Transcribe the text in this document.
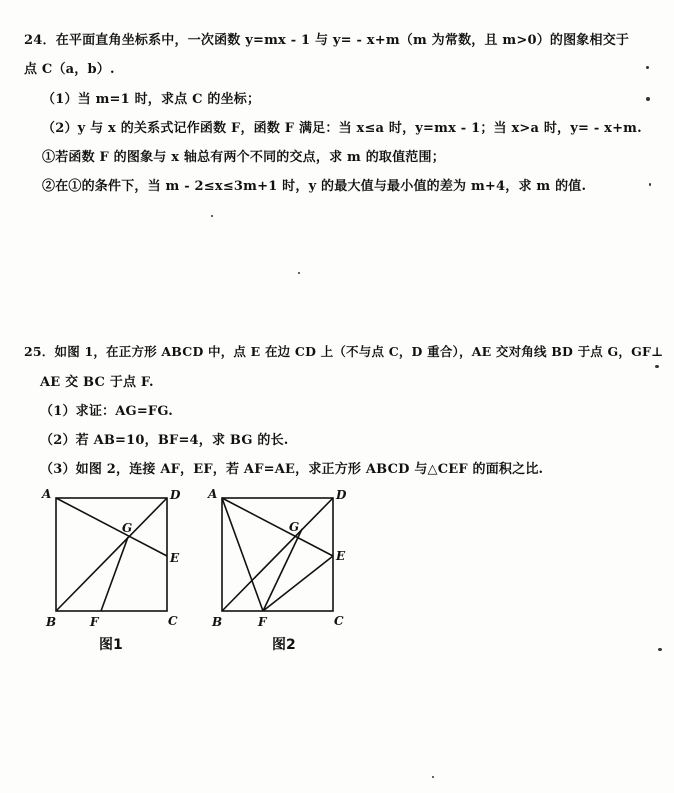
24．在平面直角坐标系中，一次函数 y=mx - 1 与 y= - x+m（m 为常数，且 m>0）的图象相交于
点 C（a，b）.
（1）当 m=1 时，求点 C 的坐标；
（2）y 与 x 的关系式记作函数 F，函数 F 满足：当 x≤a 时，y=mx - 1；当 x>a 时，y= - x+m.
①若函数 F 的图象与 x 轴总有两个不同的交点，求 m 的取值范围；
②在①的条件下，当 m - 2≤x≤3m+1 时，y 的最大值与最小值的差为 m+4，求 m 的值.
25．如图 1，在正方形 ABCD 中，点 E 在边 CD 上（不与点 C，D 重合），AE 交对角线 BD 于点 G，GF⊥
AE 交 BC 于点 F.
（1）求证：AG=FG.
（2）若 AB=10，BF=4，求 BG 的长.
（3）如图 2，连接 AF，EF，若 AF=AE，求正方形 ABCD 与△CEF 的面积之比.
A	D
G
E
B	F	C
图1
A	D
G
E
B	F	C
图2
